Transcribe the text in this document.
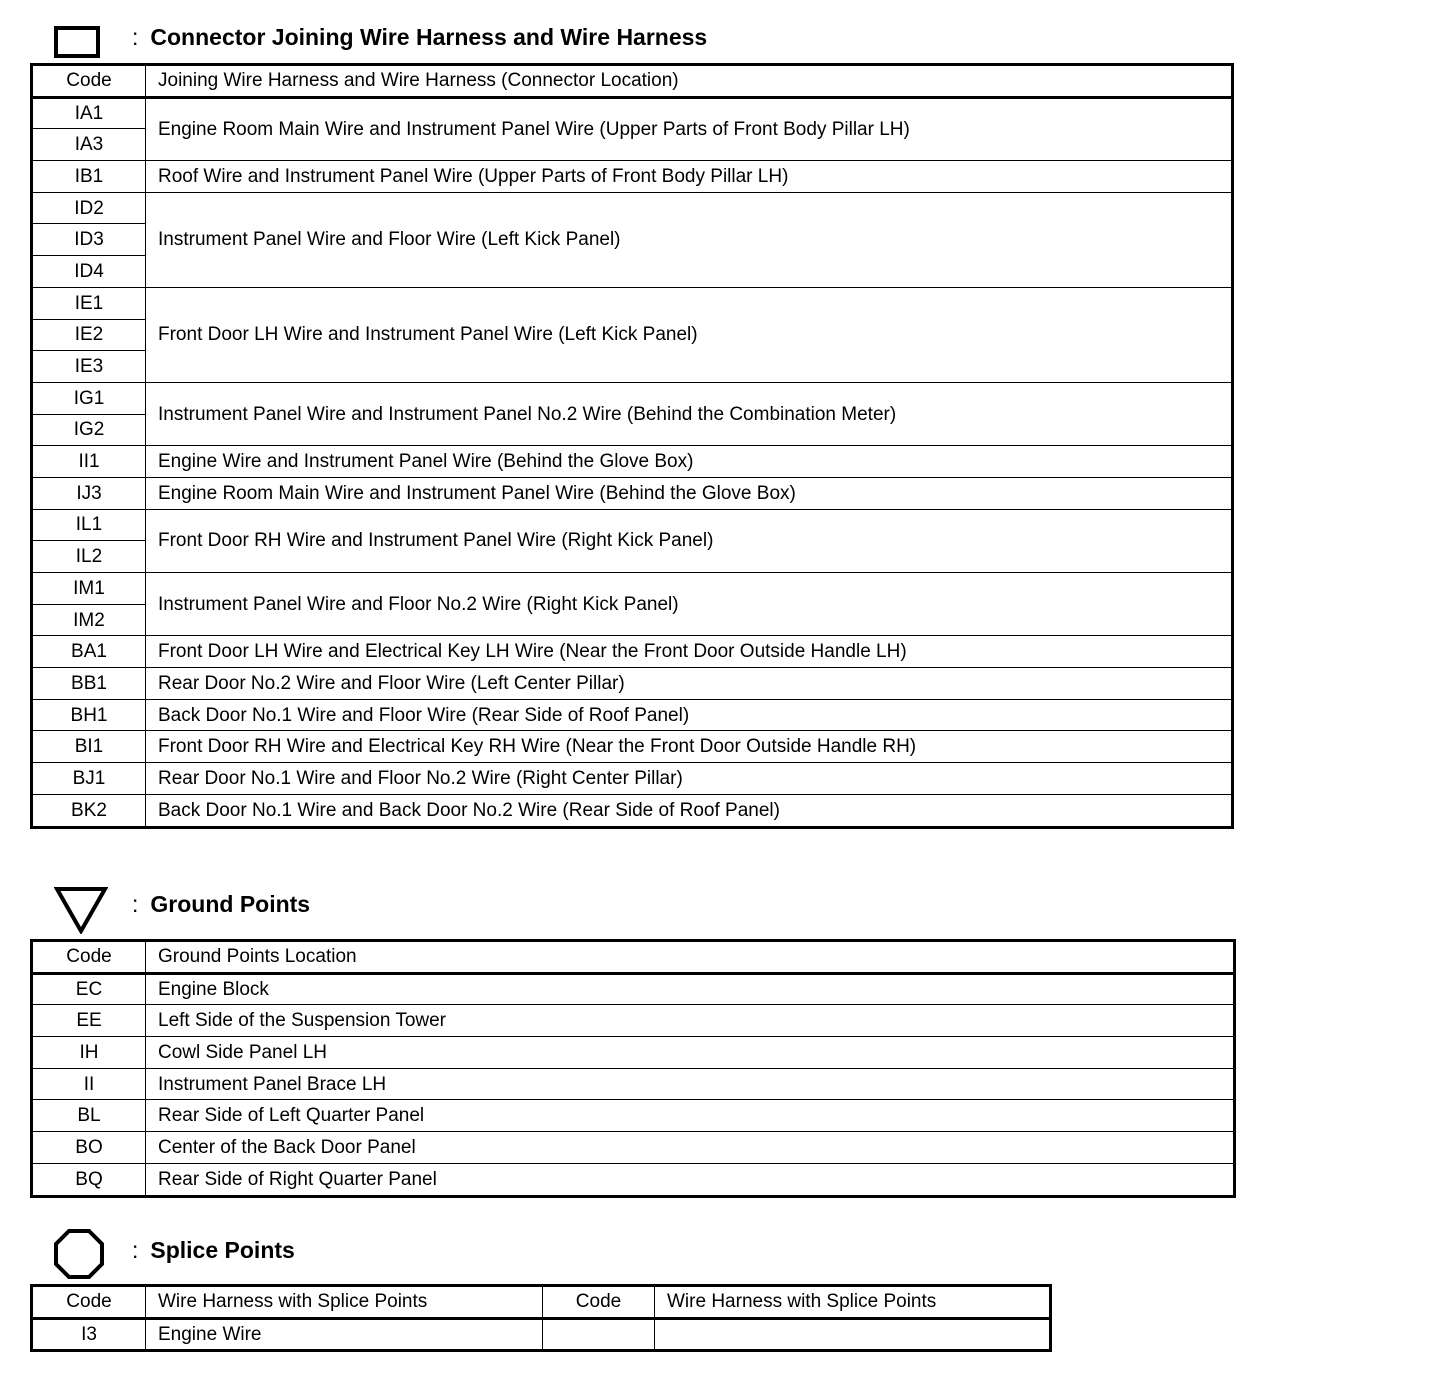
: Connector Joining Wire Harness and Wire Harness
Code	Joining Wire Harness and Wire Harness (Connector Location)
IA1	Engine Room Main Wire and Instrument Panel Wire (Upper Parts of Front Body Pillar LH)
IA3	
IB1	Roof Wire and Instrument Panel Wire (Upper Parts of Front Body Pillar LH)
ID2	Instrument Panel Wire and Floor Wire (Left Kick Panel)
ID3	
ID4	
IE1	Front Door LH Wire and Instrument Panel Wire (Left Kick Panel)
IE2	
IE3	
IG1	Instrument Panel Wire and Instrument Panel No.2 Wire (Behind the Combination Meter)
IG2	
II1	Engine Wire and Instrument Panel Wire (Behind the Glove Box)
IJ3	Engine Room Main Wire and Instrument Panel Wire (Behind the Glove Box)
IL1	Front Door RH Wire and Instrument Panel Wire (Right Kick Panel)
IL2	
IM1	Instrument Panel Wire and Floor No.2 Wire (Right Kick Panel)
IM2	
BA1	Front Door LH Wire and Electrical Key LH Wire (Near the Front Door Outside Handle LH)
BB1	Rear Door No.2 Wire and Floor Wire (Left Center Pillar)
BH1	Back Door No.1 Wire and Floor Wire (Rear Side of Roof Panel)
BI1	Front Door RH Wire and Electrical Key RH Wire (Near the Front Door Outside Handle RH)
BJ1	Rear Door No.1 Wire and Floor No.2 Wire (Right Center Pillar)
BK2	Back Door No.1 Wire and Back Door No.2 Wire (Rear Side of Roof Panel)
: Ground Points
Code	Ground Points Location
EC	Engine Block
EE	Left Side of the Suspension Tower
IH	Cowl Side Panel LH
II	Instrument Panel Brace LH
BL	Rear Side of Left Quarter Panel
BO	Center of the Back Door Panel
BQ	Rear Side of Right Quarter Panel
: Splice Points
Code	Wire Harness with Splice Points	Code	Wire Harness with Splice Points
I3	Engine Wire		
